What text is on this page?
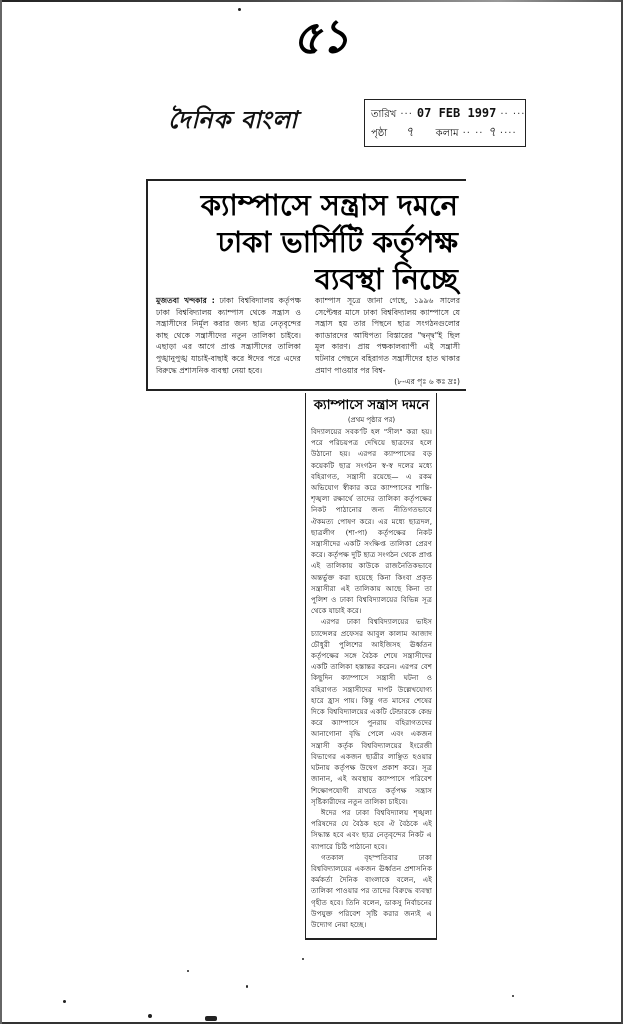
৫১
দৈনিক বাংলা	তারিখ ··· 07 FEB 1997 ·· ···
পৃষ্ঠা ৭ কলাম ·· ·· ৭ ····
ক্যাম্পাসে সন্ত্রাস দমনে
ঢাকা ভার্সিটি কর্তৃপক্ষ
ব্যবস্থা নিচ্ছে
মুজতবা খন্দকার : ঢাকা বিশ্ববিদ্যালয় কর্তৃপক্ষ ঢাকা বিশ্ববিদ্যালয় ক্যাম্পাস থেকে সন্ত্রাস ও সন্ত্রাসীদের নির্মূল করার জন্য ছাত্র নেতৃবৃন্দের কাছ থেকে সন্ত্রাসীদের নতুন তালিকা চাইবে। এছাড়া এর আগে প্রাপ্ত সন্ত্রাসীদের তালিকা পুঙ্খানুপুঙ্খ যাচাই-বাছাই করে ঈদের পরে এদের বিরুদ্ধে প্রশাসনিক ব্যবস্থা নেয়া হবে।
ক্যাম্পাস সূত্রে জানা গেছে, ১৯৯৬ সালের সেপ্টেম্বর মাসে ঢাকা বিশ্ববিদ্যালয় ক্যাম্পাসে যে সন্ত্রাস হয় তার পিছনে ছাত্র সংগঠনগুলোর ক্যাডারদের আধিপত্য বিস্তারের "দ্বন্দ্ব"ই ছিল মূল কারণ। প্রায় পক্ষকালব্যাপী এই সন্ত্রাসী ঘটনার পেছনে বহিরাগত সন্ত্রাসীদের হাত থাকার প্রমাণ পাওয়ার পর বিশ্ব-
(৮-এর পৃঃ ৬ কঃ দ্রঃ)
ক্যাম্পাসে সন্ত্রাস দমনে
(প্রথম পৃষ্ঠার পর)

বিদ্যালয়ের সবক'টি হল "সীল" করা হয়। পরে পরিচয়পত্র দেখিয়ে ছাত্রদের হলে উঠানো হয়। এরপর ক্যাম্পাসের বড় কয়েকটি ছাত্র সংগঠন স্ব-স্ব দলের মধ্যে বহিরাগত, সন্ত্রাসী রয়েছে— এ রকম অভিযোগ স্বীকার করে ক্যাম্পাসের শান্তি-শৃঙ্খলা রক্ষার্থে তাদের তালিকা কর্তৃপক্ষের নিকট পাঠানোর জন্য নীতিগতভাবে ঐকমত্য পোষণ করে। এর মধ্যে ছাত্রদল, ছাত্রলীগ (শা-পা) কর্তৃপক্ষের নিকট সন্ত্রাসীদের একটি সংক্ষিপ্ত তালিকা প্রেরণ করে। কর্তৃপক্ষ দুটি ছাত্র সংগঠন থেকে প্রাপ্ত এই তালিকায় কাউকে রাজনৈতিকভাবে অন্তর্ভুক্ত করা হয়েছে কিনা কিংবা প্রকৃত সন্ত্রাসীরা এই তালিকায় আছে কিনা তা পুলিশ ও ঢাকা বিশ্ববিদ্যালয়ের বিভিন্ন সূত্র থেকে যাচাই করে।

এরপর ঢাকা বিশ্ববিদ্যালয়ের ভাইস চ্যান্সেলর প্রফেসর আবুল কালাম আজাদ চৌধুরী পুলিশের আইজিসহ ঊর্ধ্বতন কর্তৃপক্ষের সঙ্গে বৈঠক শেষে সন্ত্রাসীদের একটি তালিকা হস্তান্তর করেন। এরপর বেশ কিছুদিন ক্যাম্পাসে সন্ত্রাসী ঘটনা ও বহিরাগত সন্ত্রাসীদের দাপট উল্লেখযোগ্য হারে হ্রাস পায়। কিন্তু গত মাসের শেষের দিকে বিশ্ববিদ্যালয়ের একটি টেন্ডারকে কেন্দ্র করে ক্যাম্পাসে পুনরায় বহিরাগতদের আনাগোনা বৃদ্ধি পেলে এবং একজন সন্ত্রাসী কর্তৃক বিশ্ববিদ্যালয়ের ইংরেজী বিভাগের একজন ছাত্রীর লাঞ্ছিত হওয়ার ঘটনায় কর্তৃপক্ষ উদ্বেগ প্রকাশ করে। সূত্র জানান, এই অবস্থায় ক্যাম্পাসে পরিবেশ শিক্ষোপযোগী রাখতে কর্তৃপক্ষ সন্ত্রাস সৃষ্টিকারীদের নতুন তালিকা চাইবে।

ঈদের পর ঢাকা বিশ্ববিদ্যালয় শৃঙ্খলা পরিষদের যে বৈঠক হবে ঐ বৈঠকে এই সিদ্ধান্ত হবে এবং ছাত্র নেতৃবৃন্দের নিকট এ ব্যাপারে চিঠি পাঠানো হবে।

গতকাল বৃহস্পতিবার ঢাকা বিশ্ববিদ্যালয়ের একজন ঊর্ধ্বতন প্রশাসনিক কর্মকর্তা দৈনিক বাংলাকে বলেন, এই তালিকা পাওয়ার পর তাদের বিরুদ্ধে ব্যবস্থা গৃহীত হবে। তিনি বলেন, ডাকসু নির্বাচনের উপযুক্ত পরিবেশ সৃষ্টি করার জন্যই এ উদ্যোগ নেয়া হচ্ছে।
